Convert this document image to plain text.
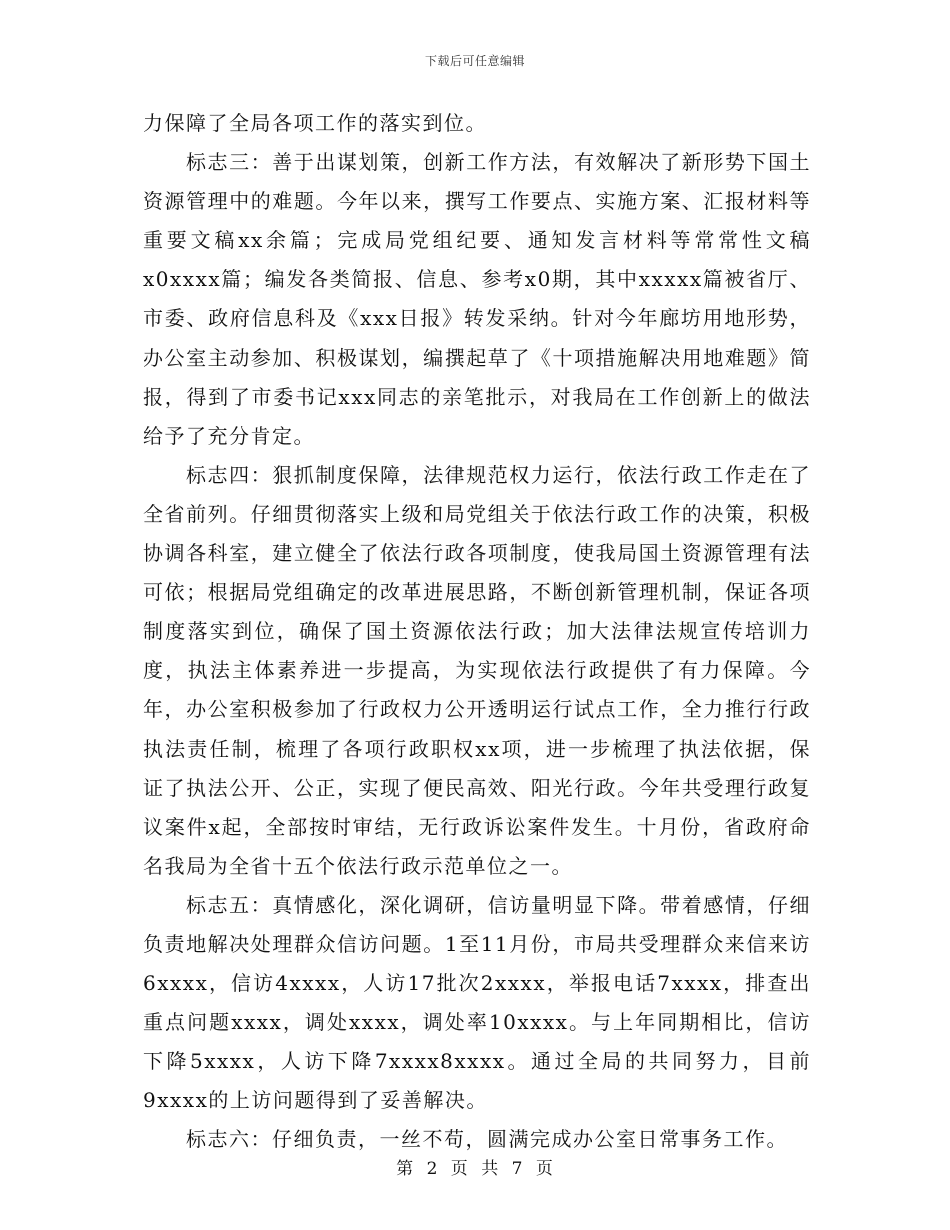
下载后可任意编辑

力保障了全局各项工作的落实到位。

标志三：善于出谋划策，创新工作方法，有效解决了新形势下国土资源管理中的难题。今年以来，撰写工作要点、实施方案、汇报材料等重要文稿xx余篇；完成局党组纪要、通知发言材料等常常性文稿x0xxxx篇；编发各类简报、信息、参考x0期，其中xxxxx篇被省厅、市委、政府信息科及《xxx日报》转发采纳。针对今年廊坊用地形势，办公室主动参加、积极谋划，编撰起草了《十项措施解决用地难题》简报，得到了市委书记xxx同志的亲笔批示，对我局在工作创新上的做法给予了充分肯定。

标志四：狠抓制度保障，法律规范权力运行，依法行政工作走在了全省前列。仔细贯彻落实上级和局党组关于依法行政工作的决策，积极协调各科室，建立健全了依法行政各项制度，使我局国土资源管理有法可依；根据局党组确定的改革进展思路，不断创新管理机制，保证各项制度落实到位，确保了国土资源依法行政；加大法律法规宣传培训力度，执法主体素养进一步提高，为实现依法行政提供了有力保障。今年，办公室积极参加了行政权力公开透明运行试点工作，全力推行行政执法责任制，梳理了各项行政职权xx项，进一步梳理了执法依据，保证了执法公开、公正，实现了便民高效、阳光行政。今年共受理行政复议案件x起，全部按时审结，无行政诉讼案件发生。十月份，省政府命名我局为全省十五个依法行政示范单位之一。

标志五：真情感化，深化调研，信访量明显下降。带着感情，仔细负责地解决处理群众信访问题。1至11月份，市局共受理群众来信来访6xxxx，信访4xxxx，人访17批次2xxxx，举报电话7xxxx，排查出重点问题xxxx，调处xxxx，调处率10xxxx。与上年同期相比，信访下降5xxxx，人访下降7xxxx8xxxx。通过全局的共同努力，目前9xxxx的上访问题得到了妥善解决。

标志六：仔细负责，一丝不苟，圆满完成办公室日常事务工作。

第 2 页 共 7 页
